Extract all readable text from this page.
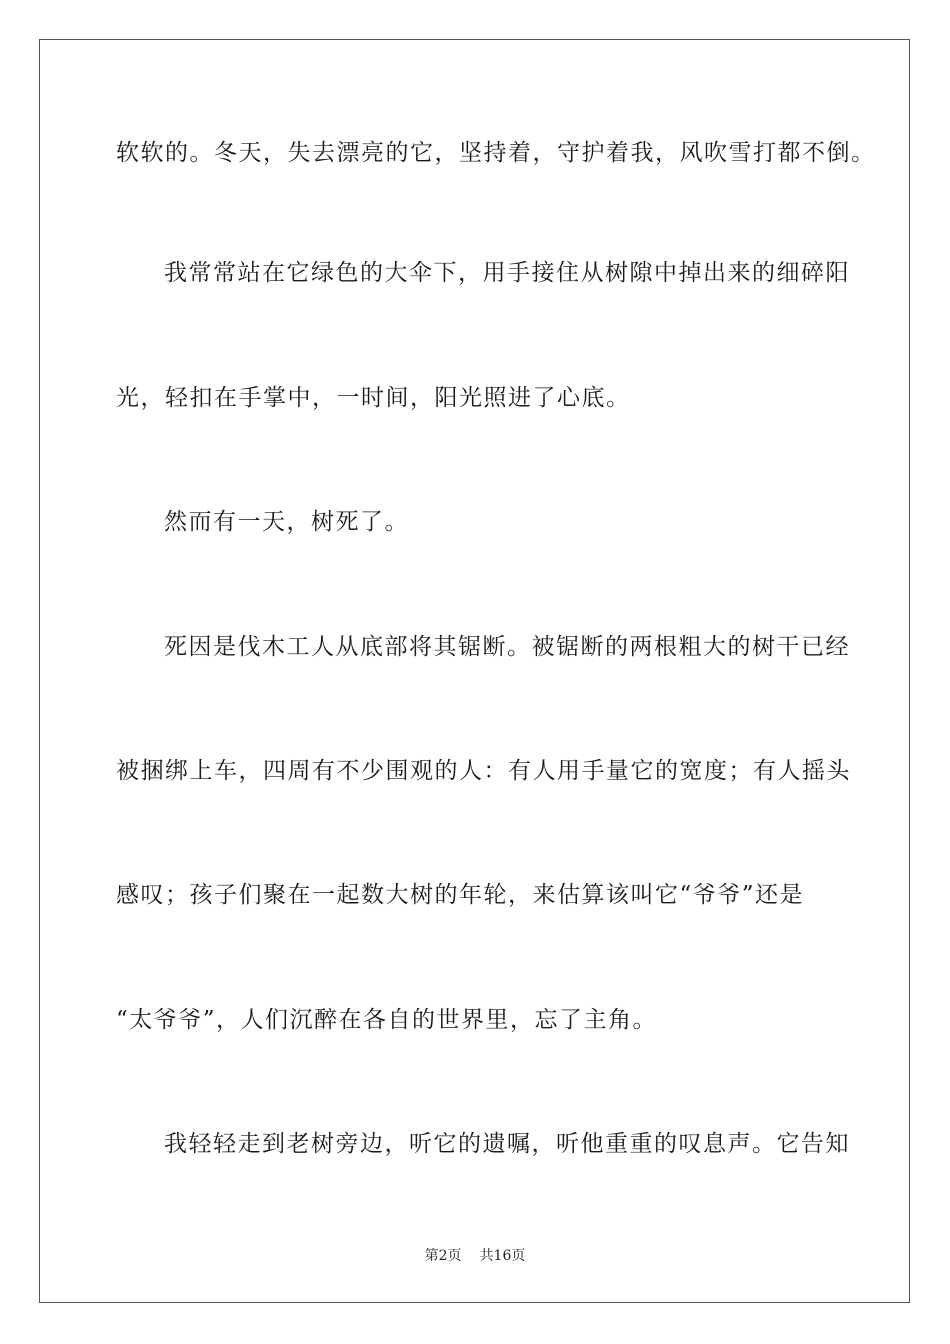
软软的。冬天，失去漂亮的它，坚持着，守护着我，风吹雪打都不倒。
我常常站在它绿色的大伞下，用手接住从树隙中掉出来的细碎阳
光，轻扣在手掌中，一时间，阳光照进了心底。
然而有一天，树死了。
死因是伐木工人从底部将其锯断。被锯断的两根粗大的树干已经
被捆绑上车，四周有不少围观的人：有人用手量它的宽度；有人摇头
感叹；孩子们聚在一起数大树的年轮，来估算该叫它“爷爷”还是
“太爷爷”，人们沉醉在各自的世界里，忘了主角。
我轻轻走到老树旁边，听它的遗嘱，听他重重的叹息声。它告知
第2页 共16页
